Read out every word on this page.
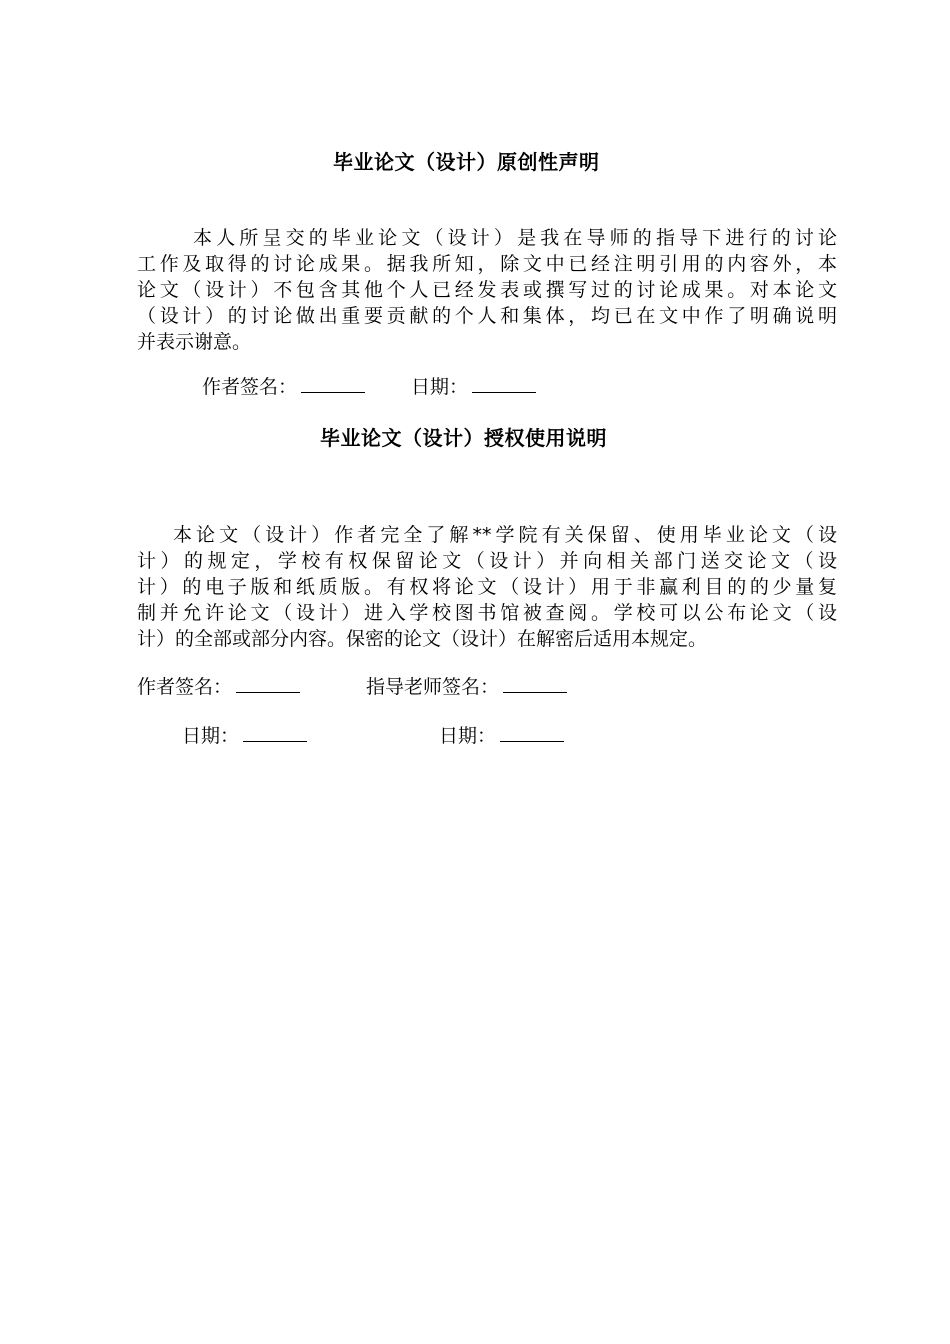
毕业论文（设计）原创性声明
本人所呈交的毕业论文（设计）是我在导师的指导下进行的讨论
工作及取得的讨论成果。据我所知，除文中已经注明引用的内容外，本
论文（设计）不包含其他个人已经发表或撰写过的讨论成果。对本论文
（设计）的讨论做出重要贡献的个人和集体，均已在文中作了明确说明
并表示谢意。
作者签名：	日期：
毕业论文（设计）授权使用说明
本论文（设计）作者完全了解**学院有关保留、使用毕业论文（设
计）的规定，学校有权保留论文（设计）并向相关部门送交论文（设
计）的电子版和纸质版。有权将论文（设计）用于非赢利目的的少量复
制并允许论文（设计）进入学校图书馆被查阅。学校可以公布论文（设
计）的全部或部分内容。保密的论文（设计）在解密后适用本规定。
作者签名：	指导老师签名：
日期：	日期：
